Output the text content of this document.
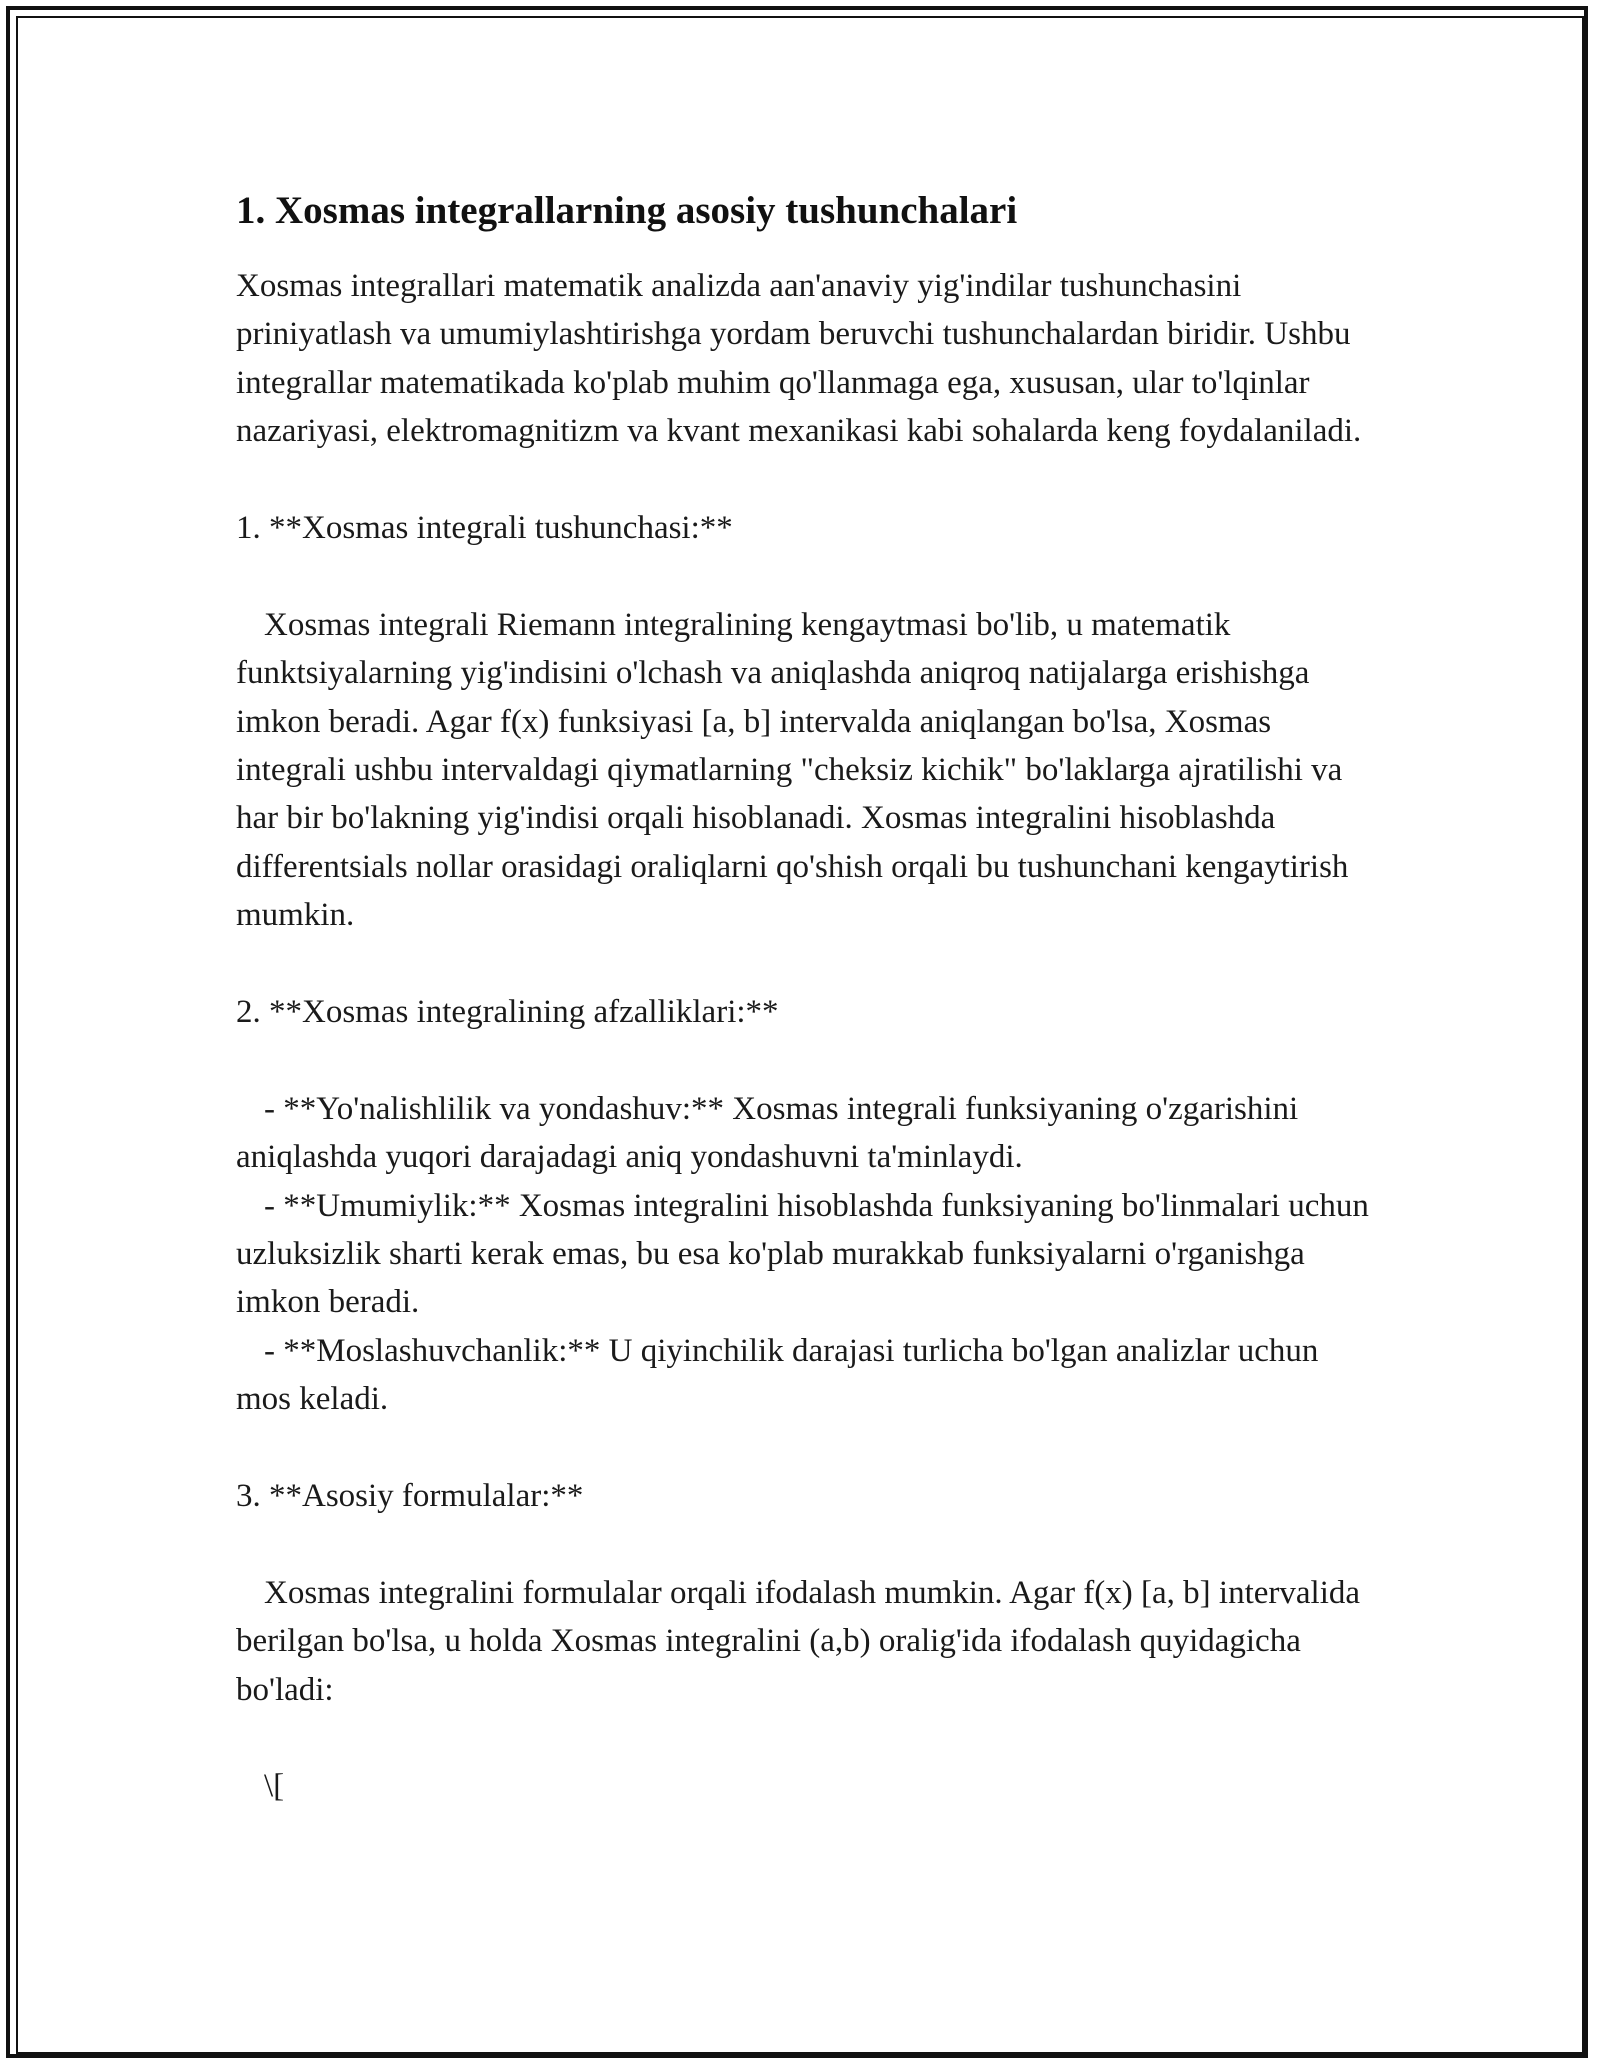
1. Xosmas integrallarning asosiy tushunchalari

Xosmas integrallari matematik analizda aan'anaviy yig'indilar tushunchasini priniyatlash va umumiylashtirishga yordam beruvchi tushunchalardan biridir. Ushbu integrallar matematikada ko'plab muhim qo'llanmaga ega, xususan, ular to'lqinlar nazariyasi, elektromagnitizm va kvant mexanikasi kabi sohalarda keng foydalaniladi.

1. **Xosmas integrali tushunchasi:**

Xosmas integrali Riemann integralining kengaytmasi bo'lib, u matematik funktsiyalarning yig'indisini o'lchash va aniqlashda aniqroq natijalarga erishishga imkon beradi. Agar f(x) funksiyasi [a, b] intervalda aniqlangan bo'lsa, Xosmas integrali ushbu intervaldagi qiymatlarning "cheksiz kichik" bo'laklarga ajratilishi va har bir bo'lakning yig'indisi orqali hisoblanadi. Xosmas integralini hisoblashda differentsials nollar orasidagi oraliqlarni qo'shish orqali bu tushunchani kengaytirish mumkin.

2. **Xosmas integralining afzalliklari:**

- **Yo'nalishlilik va yondashuv:** Xosmas integrali funksiyaning o'zgarishini aniqlashda yuqori darajadagi aniq yondashuvni ta'minlaydi.

- **Umumiylik:** Xosmas integralini hisoblashda funksiyaning bo'linmalari uchun uzluksizlik sharti kerak emas, bu esa ko'plab murakkab funksiyalarni o'rganishga imkon beradi.

- **Moslashuvchanlik:** U qiyinchilik darajasi turlicha bo'lgan analizlar uchun mos keladi.

3. **Asosiy formulalar:**

Xosmas integralini formulalar orqali ifodalash mumkin. Agar f(x) [a, b] intervalida berilgan bo'lsa, u holda Xosmas integralini (a,b) oralig'ida ifodalash quyidagicha bo'ladi:

\[
